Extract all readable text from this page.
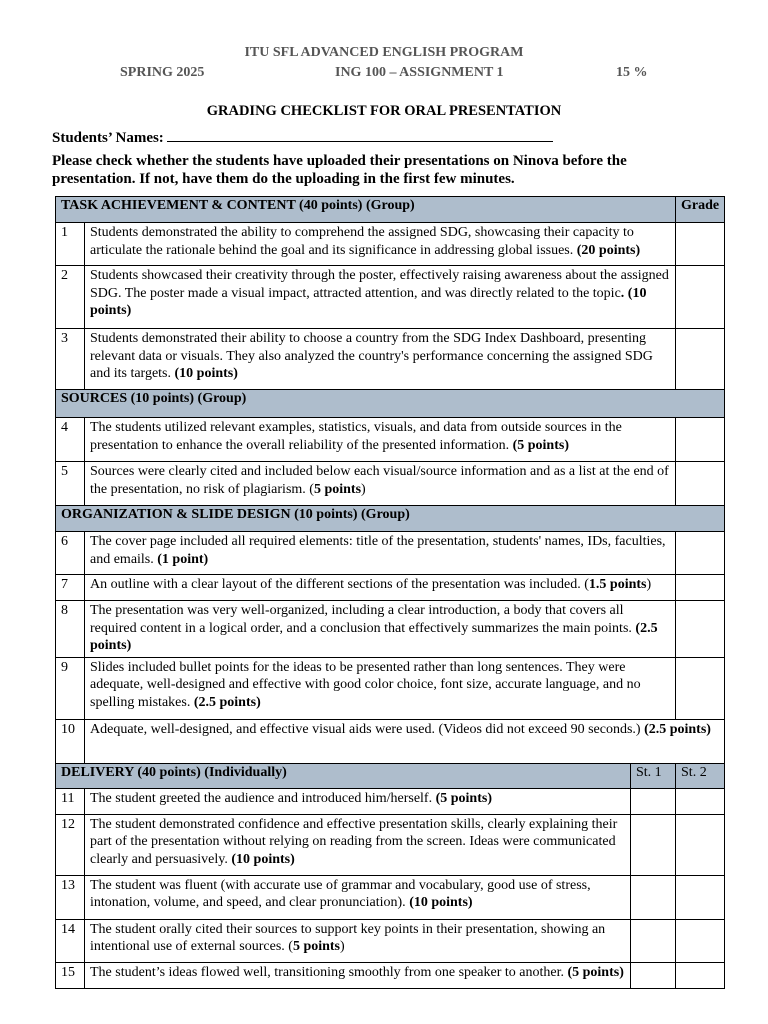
ITU SFL ADVANCED ENGLISH PROGRAM
SPRING 2025	ING 100 – ASSIGNMENT 1	15 %
GRADING CHECKLIST FOR ORAL PRESENTATION
Students’ Names:
Please check whether the students have uploaded their presentations on Ninova before the presentation. If not, have them do the uploading in the first few minutes.
TASK ACHIEVEMENT & CONTENT (40 points) (Group)			Grade
1	Students demonstrated the ability to comprehend the assigned SDG, showcasing their capacity to articulate the rationale behind the goal and its significance in addressing global issues. (20 points)		
2	Students showcased their creativity through the poster, effectively raising awareness about the assigned SDG. The poster made a visual impact, attracted attention, and was directly related to the topic. (10 points)		
3	Students demonstrated their ability to choose a country from the SDG Index Dashboard, presenting relevant data or visuals. They also analyzed the country's performance concerning the assigned SDG and its targets. (10 points)		
SOURCES (10 points) (Group)			
4	The students utilized relevant examples, statistics, visuals, and data from outside sources in the presentation to enhance the overall reliability of the presented information. (5 points)		
5	Sources were clearly cited and included below each visual/source information and as a list at the end of the presentation, no risk of plagiarism. (5 points)		
ORGANIZATION & SLIDE DESIGN (10 points) (Group)			
6	The cover page included all required elements: title of the presentation, students' names, IDs, faculties, and emails. (1 point)		
7	An outline with a clear layout of the different sections of the presentation was included. (1.5 points)		
8	The presentation was very well-organized, including a clear introduction, a body that covers all required content in a logical order, and a conclusion that effectively summarizes the main points. (2.5 points)		
9	Slides included bullet points for the ideas to be presented rather than long sentences. They were adequate, well-designed and effective with good color choice, font size, accurate language, and no spelling mistakes. (2.5 points)		
10	Adequate, well-designed, and effective visual aids were used. (Videos did not exceed 90 seconds.) (2.5 points)		
DELIVERY (40 points) (Individually)		St. 1	St. 2
11	The student greeted the audience and introduced him/herself. (5 points)		
12	The student demonstrated confidence and effective presentation skills, clearly explaining their part of the presentation without relying on reading from the screen. Ideas were communicated clearly and persuasively. (10 points)		
13	The student was fluent (with accurate use of grammar and vocabulary, good use of stress, intonation, volume, and speed, and clear pronunciation). (10 points)		
14	The student orally cited their sources to support key points in their presentation, showing an intentional use of external sources. (5 points)		
15	The student’s ideas flowed well, transitioning smoothly from one speaker to another. (5 points)		
